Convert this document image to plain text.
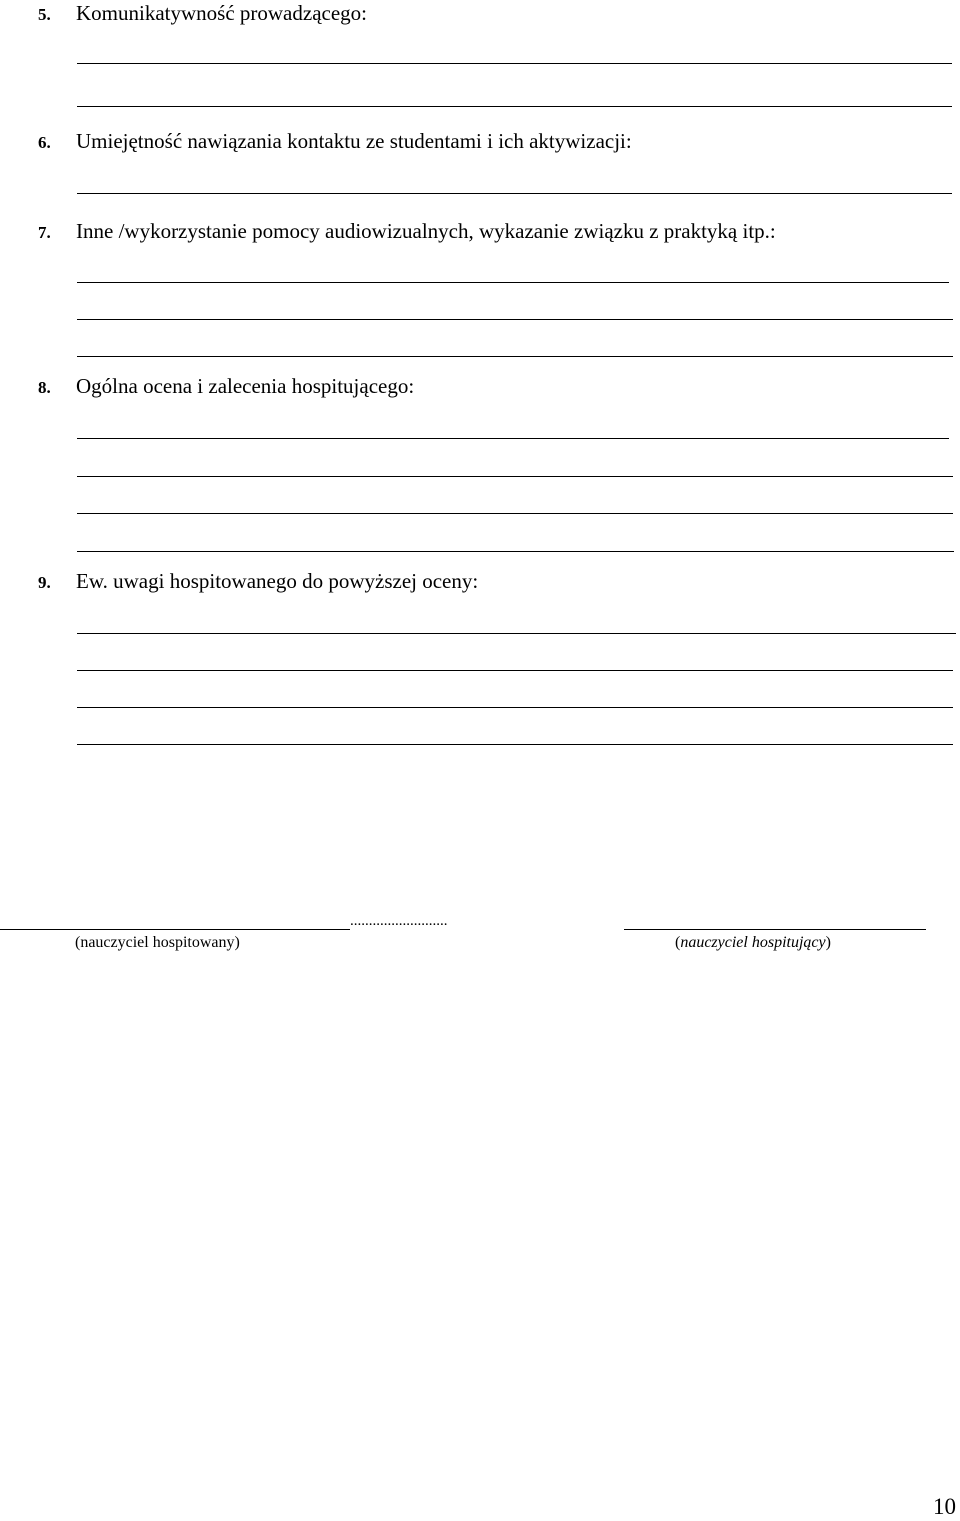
5. Komunikatywność prowadzącego:
6. Umiejętność nawiązania kontaktu ze studentami i ich aktywizacji:
7. Inne /wykorzystanie pomocy audiowizualnych, wykazanie związku z praktyką itp.:
8. Ogólna ocena i zalecenia hospitującego:
9. Ew. uwagi hospitowanego do powyższej oceny:
..........................
(nauczyciel hospitowany)	(nauczyciel hospitujący)
10
